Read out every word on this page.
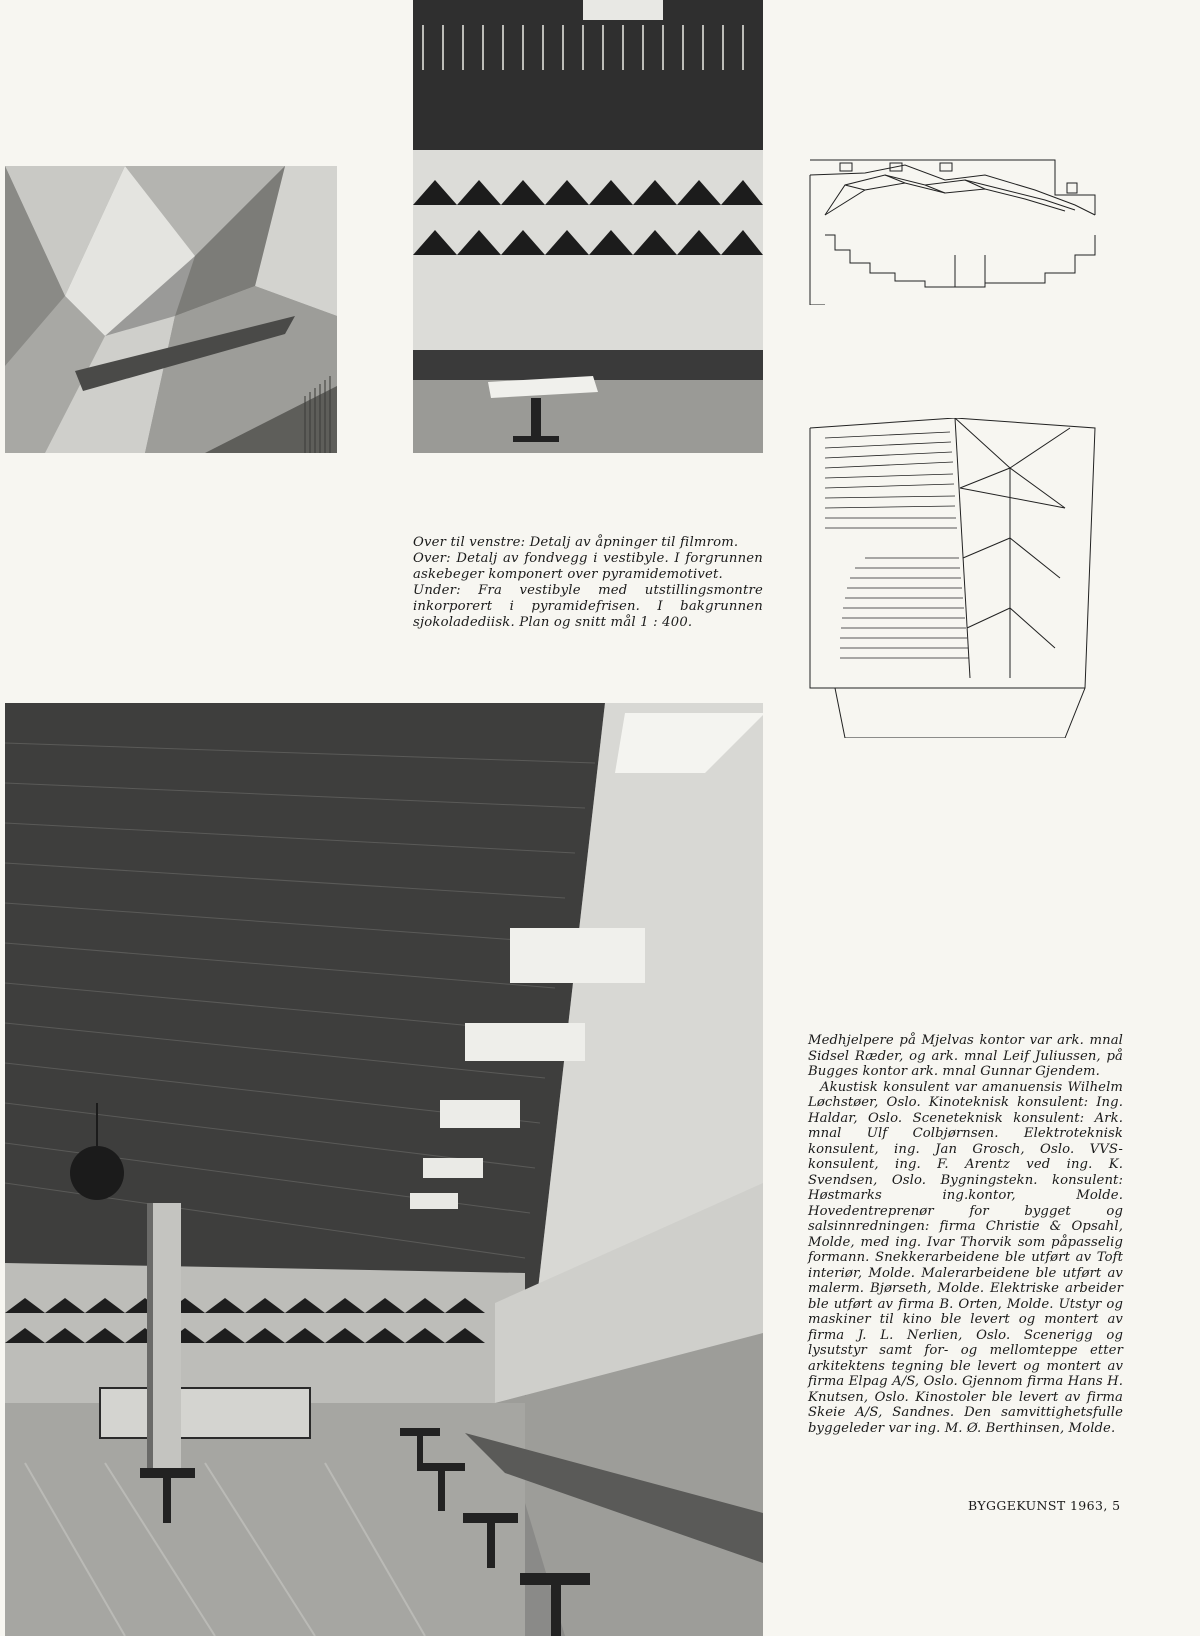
Over til venstre: Detalj av åpninger til filmrom.
Over: Detalj av fondvegg i vestibyle. I forgrunnen askebeger komponert over pyramidemotivet.
Under: Fra vestibyle med utstillingsmontre inkorporert i pyramidefrisen. I bakgrunnen sjokoladediisk. Plan og snitt mål 1 : 400.
Medhjelpere på Mjelvas kontor var ark. mnal Sidsel Ræder, og ark. mnal Leif Juliussen, på Bugges kontor ark. mnal Gunnar Gjendem.

Akustisk konsulent var amanuensis Wilhelm Løchstøer, Oslo. Kinoteknisk konsulent: Ing. Haldar, Oslo. Sceneteknisk konsulent: Ark. mnal Ulf Colbjørnsen. Elektroteknisk konsulent, ing. Jan Grosch, Oslo. VVS-konsulent, ing. F. Arentz ved ing. K. Svendsen, Oslo. Bygningstekn. konsulent: Høstmarks ing.kontor, Molde. Hovedentreprenør for bygget og salsinnredningen: firma Christie & Opsahl, Molde, med ing. Ivar Thorvik som påpasselig formann. Snekkerarbeidene ble utført av Toft interiør, Molde. Malerarbeidene ble utført av malerm. Bjørseth, Molde. Elektriske arbeider ble utført av firma B. Orten, Molde. Utstyr og maskiner til kino ble levert og montert av firma J. L. Nerlien, Oslo. Scenerigg og lysutstyr samt for- og mellomteppe etter arkitektens tegning ble levert og montert av firma Elpag A/S, Oslo. Gjennom firma Hans H. Knutsen, Oslo. Kinostoler ble levert av firma Skeie A/S, Sandnes. Den samvittighetsfulle byggeleder var ing. M. Ø. Berthinsen, Molde.
BYGGEKUNST 1963, 5
